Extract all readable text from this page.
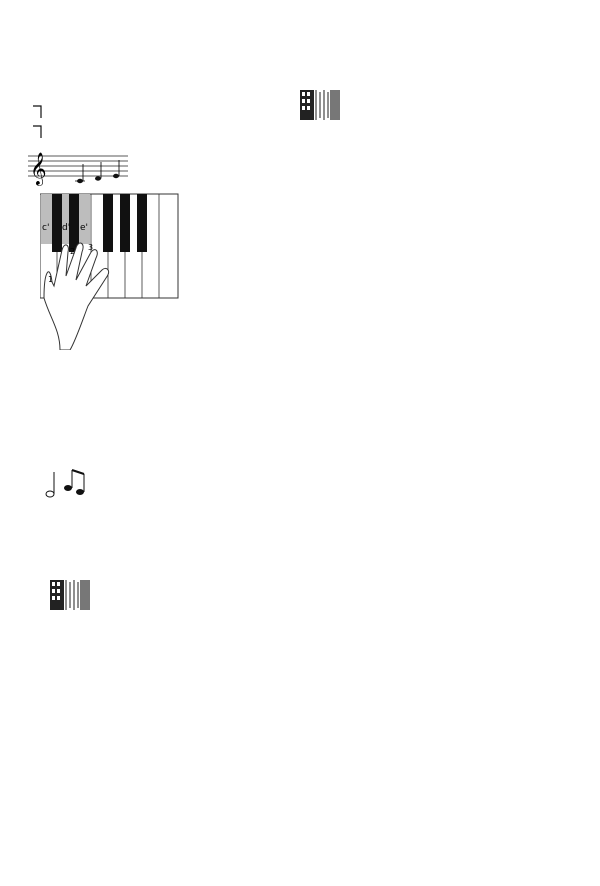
𝄞
c' d' e'
1
2 3
